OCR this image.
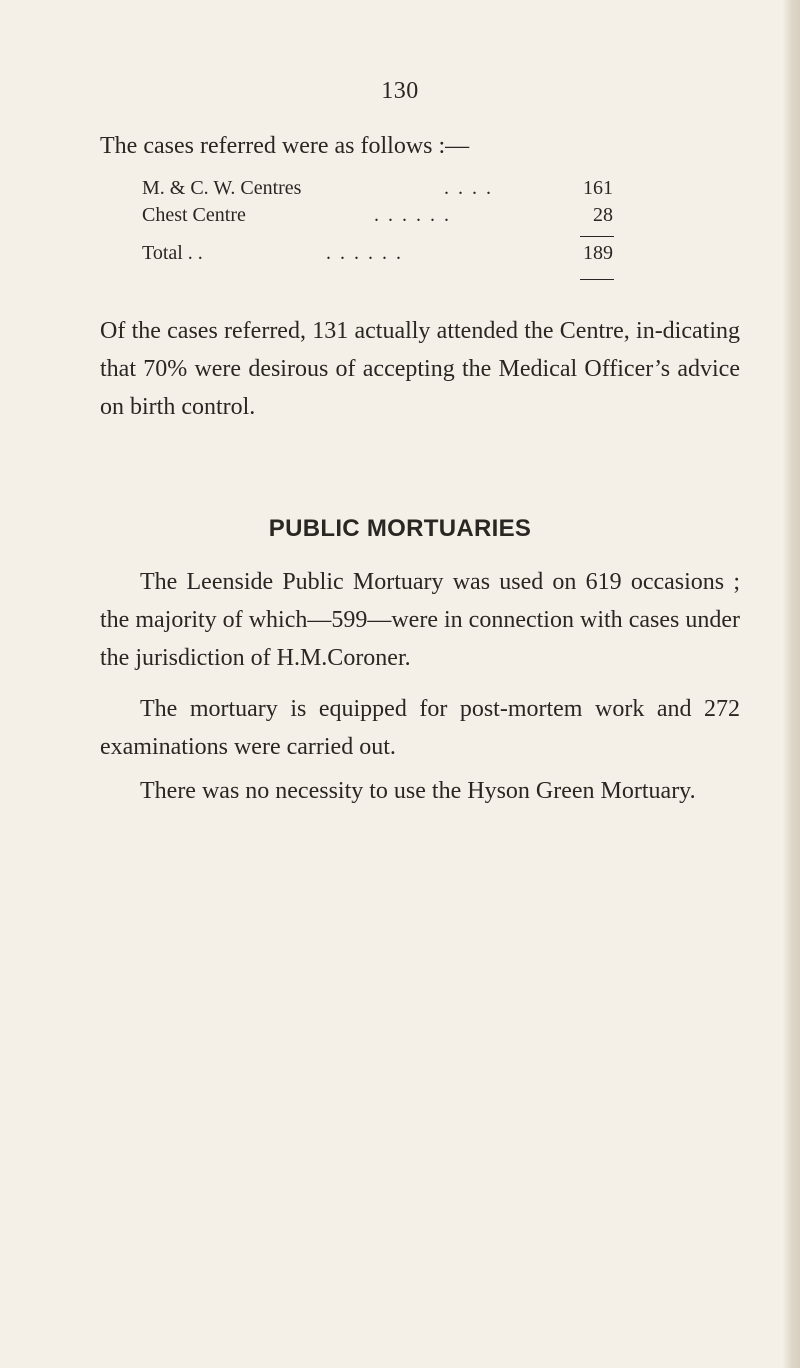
130
The cases referred were as follows :—
M. & C. W. Centres	. . . .	161
Chest Centre	. . . . . .	28
Total . .	. . . . . .	189
Of the cases referred, 131 actually attended the Centre, in-dicating that 70% were desirous of accepting the Medical Officer’s advice on birth control.
PUBLIC MORTUARIES
The Leenside Public Mortuary was used on 619 occasions ; the majority of which—599—were in connection with cases under the jurisdiction of H.M.Coroner.
The mortuary is equipped for post-mortem work and 272 examinations were carried out.
There was no necessity to use the Hyson Green Mortuary.
